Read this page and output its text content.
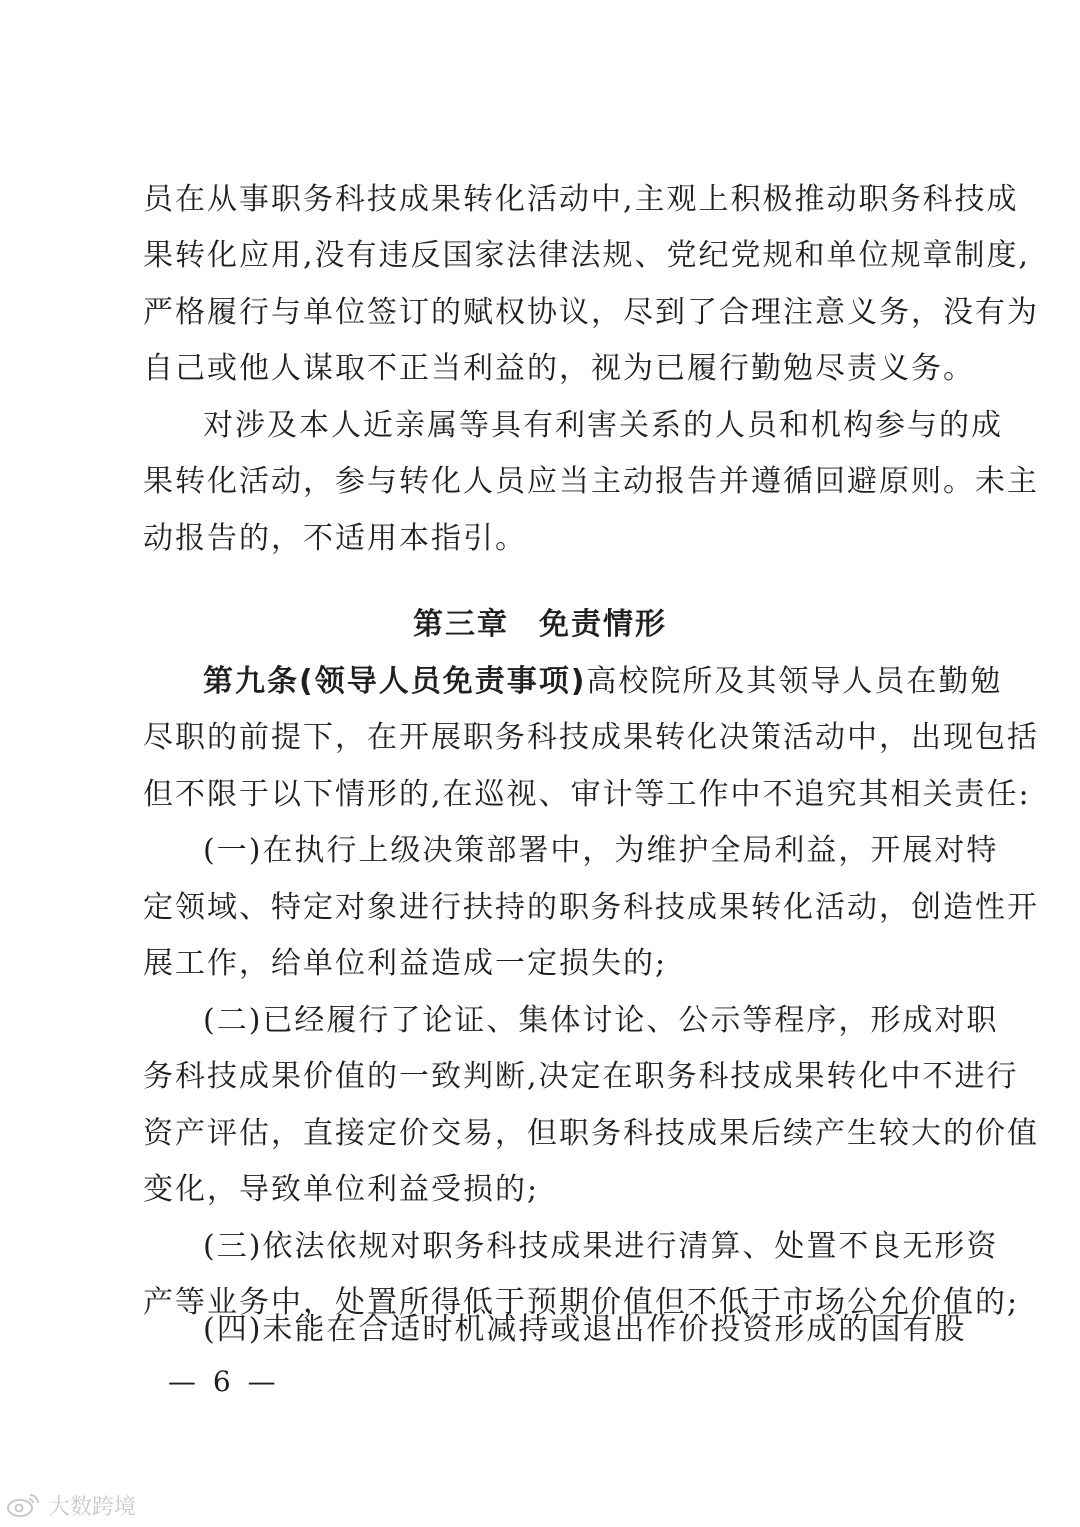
员在从事职务科技成果转化活动中,主观上积极推动职务科技成
果转化应用,没有违反国家法律法规、党纪党规和单位规章制度,
严格履行与单位签订的赋权协议，尽到了合理注意义务，没有为
自己或他人谋取不正当利益的，视为已履行勤勉尽责义务。
对涉及本人近亲属等具有利害关系的人员和机构参与的成
果转化活动，参与转化人员应当主动报告并遵循回避原则。未主
动报告的，不适用本指引。
第三章 免责情形
第九条(领导人员免责事项)高校院所及其领导人员在勤勉
尽职的前提下，在开展职务科技成果转化决策活动中，出现包括
但不限于以下情形的,在巡视、审计等工作中不追究其相关责任:
(一)在执行上级决策部署中，为维护全局利益，开展对特
定领域、特定对象进行扶持的职务科技成果转化活动，创造性开
展工作，给单位利益造成一定损失的;
(二)已经履行了论证、集体讨论、公示等程序，形成对职
务科技成果价值的一致判断,决定在职务科技成果转化中不进行
资产评估，直接定价交易，但职务科技成果后续产生较大的价值
变化，导致单位利益受损的;
(三)依法依规对职务科技成果进行清算、处置不良无形资
产等业务中，处置所得低于预期价值但不低于市场公允价值的;
(四)未能在合适时机减持或退出作价投资形成的国有股
— 6 —
大数跨境
